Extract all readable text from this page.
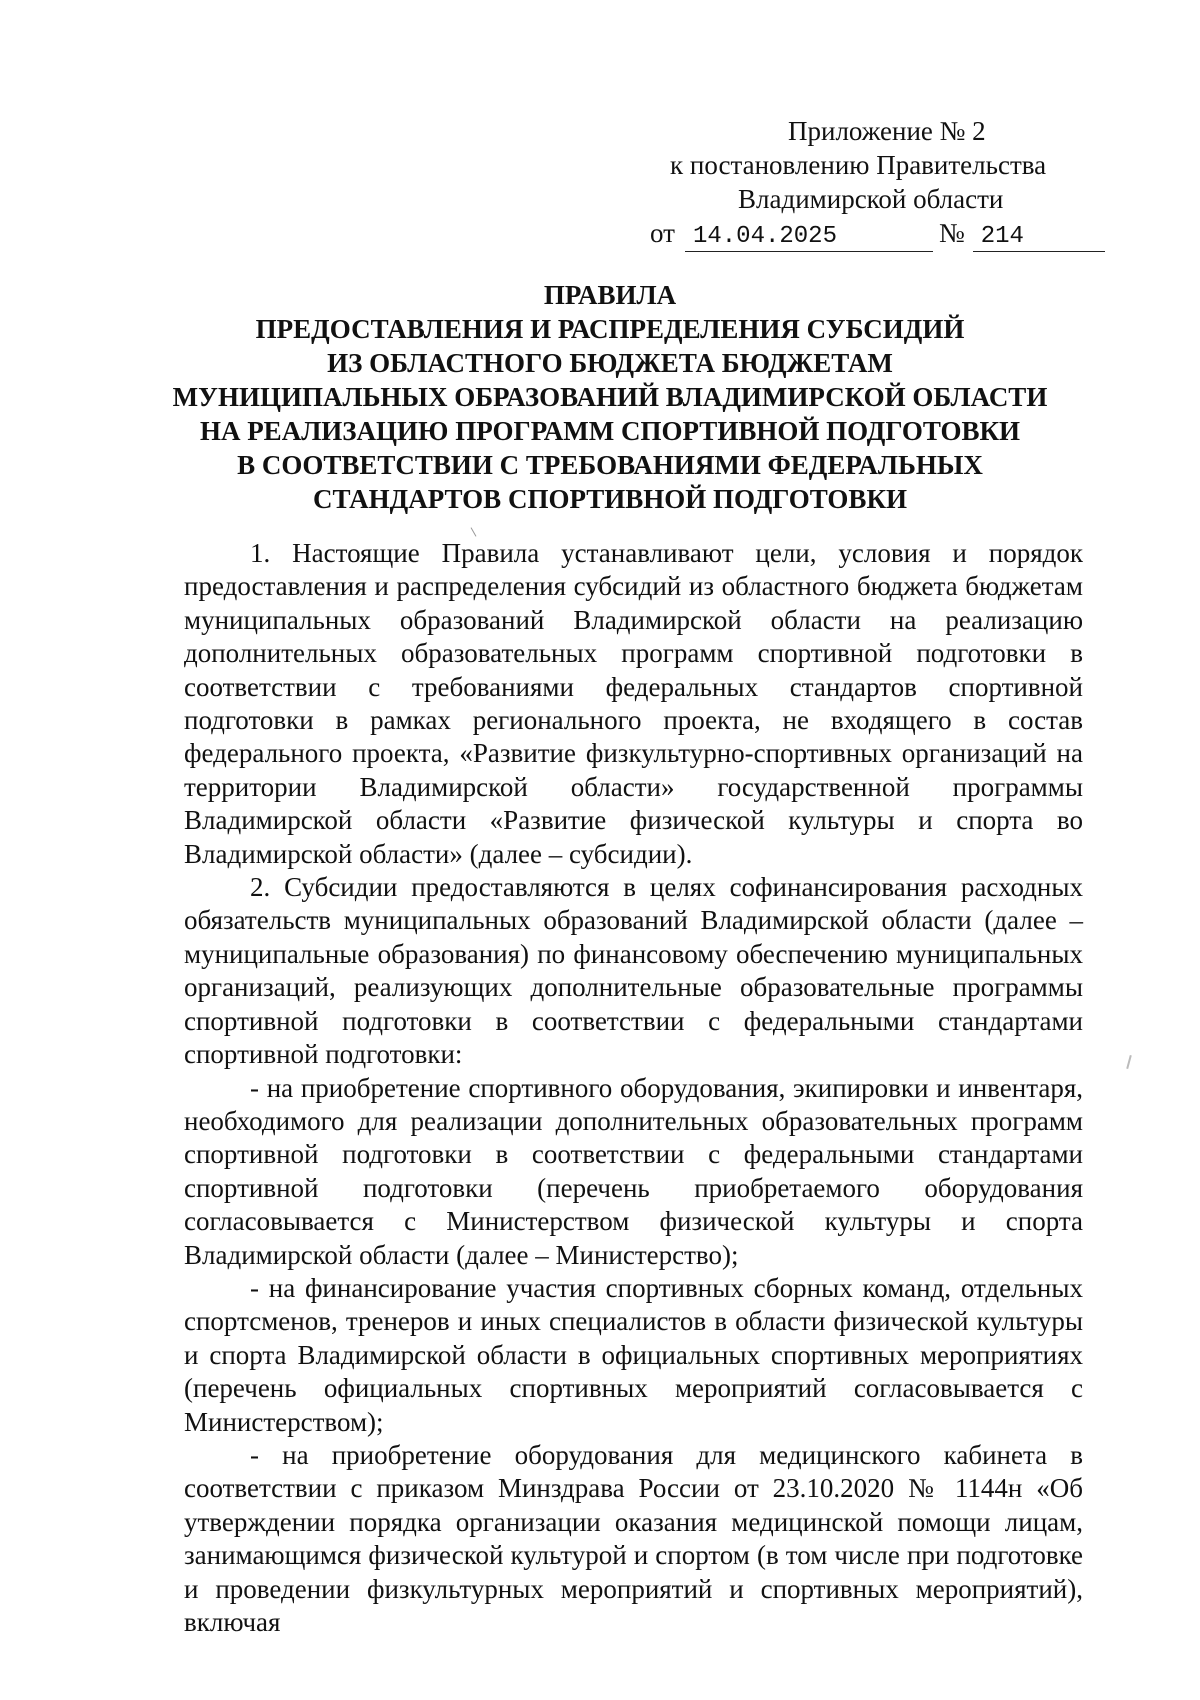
Приложение № 2
к постановлению Правительства
Владимирской области
от 14.04.2025	№ 214
ПРАВИЛА
ПРЕДОСТАВЛЕНИЯ И РАСПРЕДЕЛЕНИЯ СУБСИДИЙ
ИЗ ОБЛАСТНОГО БЮДЖЕТА БЮДЖЕТАМ
МУНИЦИПАЛЬНЫХ ОБРАЗОВАНИЙ ВЛАДИМИРСКОЙ ОБЛАСТИ
НА РЕАЛИЗАЦИЮ ПРОГРАММ СПОРТИВНОЙ ПОДГОТОВКИ
В СООТВЕТСТВИИ С ТРЕБОВАНИЯМИ ФЕДЕРАЛЬНЫХ
СТАНДАРТОВ СПОРТИВНОЙ ПОДГОТОВКИ

1. Настоящие Правила устанавливают цели, условия и порядок предоставления и распределения субсидий из областного бюджета бюджетам муниципальных образований Владимирской области на реализацию дополнительных образовательных программ спортивной подготовки в соответствии с требованиями федеральных стандартов спортивной подготовки в рамках регионального проекта, не входящего в состав федерального проекта, «Развитие физкультурно-спортивных организаций на территории Владимирской области» государственной программы Владимирской области «Развитие физической культуры и спорта во Владимирской области» (далее – субсидии).

2. Субсидии предоставляются в целях софинансирования расходных обязательств муниципальных образований Владимирской области (далее – муниципальные образования) по финансовому обеспечению муниципальных организаций, реализующих дополнительные образовательные программы спортивной подготовки в соответствии с федеральными стандартами спортивной подготовки:

- на приобретение спортивного оборудования, экипировки и инвентаря, необходимого для реализации дополнительных образовательных программ спортивной подготовки в соответствии с федеральными стандартами спортивной подготовки (перечень приобретаемого оборудования согласовывается с Министерством физической культуры и спорта Владимирской области (далее – Министерство);

- на финансирование участия спортивных сборных команд, отдельных спортсменов, тренеров и иных специалистов в области физической культуры и спорта Владимирской области в официальных спортивных мероприятиях (перечень официальных спортивных мероприятий согласовывается с Министерством);

- на приобретение оборудования для медицинского кабинета в соответствии с приказом Минздрава России от 23.10.2020 № 1144н «Об утверждении порядка организации оказания медицинской помощи лицам, занимающимся физической культурой и спортом (в том числе при подготовке и проведении физкультурных мероприятий и спортивных мероприятий), включая
